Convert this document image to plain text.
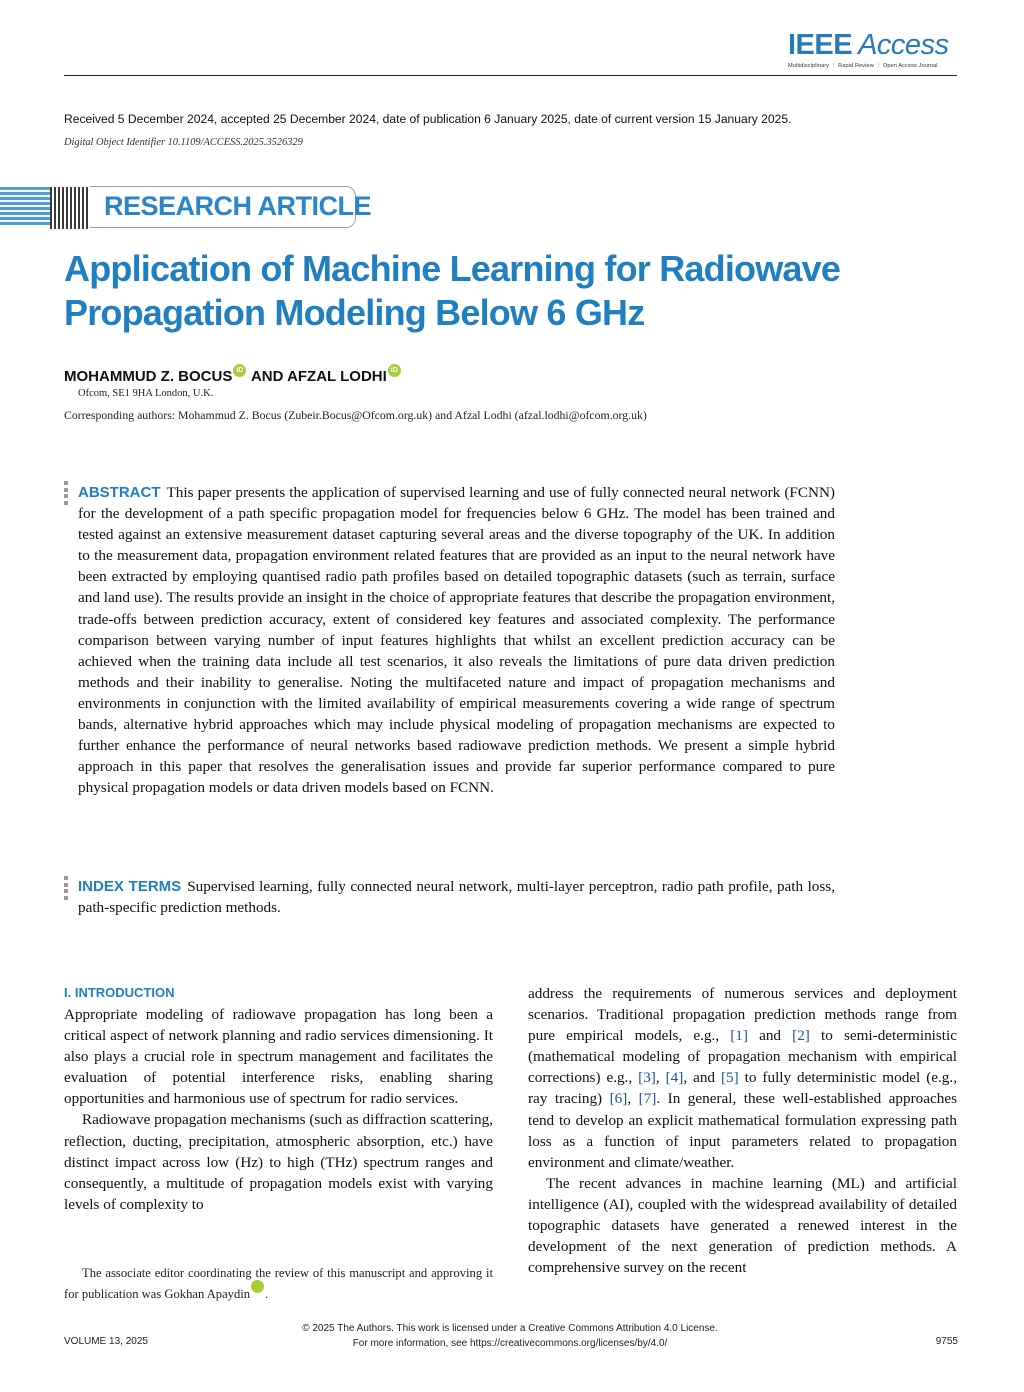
IEEE Access
Multidisciplinary ⋮ Rapid Review ⋮ Open Access Journal
Received 5 December 2024, accepted 25 December 2024, date of publication 6 January 2025, date of current version 15 January 2025.
Digital Object Identifier 10.1109/ACCESS.2025.3526329
RESEARCH ARTICLE
Application of Machine Learning for Radiowave Propagation Modeling Below 6 GHz
MOHAMMUD Z. BOCUS iD AND AFZAL LODHI iD
Ofcom, SE1 9HA London, U.K.
Corresponding authors: Mohammud Z. Bocus (Zubeir.Bocus@Ofcom.org.uk) and Afzal Lodhi (afzal.lodhi@ofcom.org.uk)
ABSTRACT This paper presents the application of supervised learning and use of fully connected neural network (FCNN) for the development of a path specific propagation model for frequencies below 6 GHz. The model has been trained and tested against an extensive measurement dataset capturing several areas and the diverse topography of the UK. In addition to the measurement data, propagation environment related features that are provided as an input to the neural network have been extracted by employing quantised radio path profiles based on detailed topographic datasets (such as terrain, surface and land use). The results provide an insight in the choice of appropriate features that describe the propagation environment, trade-offs between prediction accuracy, extent of considered key features and associated complexity. The performance comparison between varying number of input features highlights that whilst an excellent prediction accuracy can be achieved when the training data include all test scenarios, it also reveals the limitations of pure data driven prediction methods and their inability to generalise. Noting the multifaceted nature and impact of propagation mechanisms and environments in conjunction with the limited availability of empirical measurements covering a wide range of spectrum bands, alternative hybrid approaches which may include physical modeling of propagation mechanisms are expected to further enhance the performance of neural networks based radiowave prediction methods. We present a simple hybrid approach in this paper that resolves the generalisation issues and provide far superior performance compared to pure physical propagation models or data driven models based on FCNN.
INDEX TERMS Supervised learning, fully connected neural network, multi-layer perceptron, radio path profile, path loss, path-specific prediction methods.
I. INTRODUCTION

Appropriate modeling of radiowave propagation has long been a critical aspect of network planning and radio services dimensioning. It also plays a crucial role in spectrum management and facilitates the evaluation of potential interference risks, enabling sharing opportunities and harmonious use of spectrum for radio services.

Radiowave propagation mechanisms (such as diffraction scattering, reflection, ducting, precipitation, atmospheric absorption, etc.) have distinct impact across low (Hz) to high (THz) spectrum ranges and consequently, a multitude of propagation models exist with varying levels of complexity to

address the requirements of numerous services and deployment scenarios. Traditional propagation prediction methods range from pure empirical models, e.g., [1] and [2] to semi-deterministic (mathematical modeling of propagation mechanism with empirical corrections) e.g., [3], [4], and [5] to fully deterministic model (e.g., ray tracing) [6], [7]. In general, these well-established approaches tend to develop an explicit mathematical formulation expressing path loss as a function of input parameters related to propagation environment and climate/weather.

The recent advances in machine learning (ML) and artificial intelligence (AI), coupled with the widespread availability of detailed topographic datasets have generated a renewed interest in the development of the next generation of prediction methods. A comprehensive survey on the recent

The associate editor coordinating the review of this manuscript and approving it for publication was Gokhan ApaydiniD.
VOLUME 13, 2025
© 2025 The Authors. This work is licensed under a Creative Commons Attribution 4.0 License.
For more information, see https://creativecommons.org/licenses/by/4.0/	9755
